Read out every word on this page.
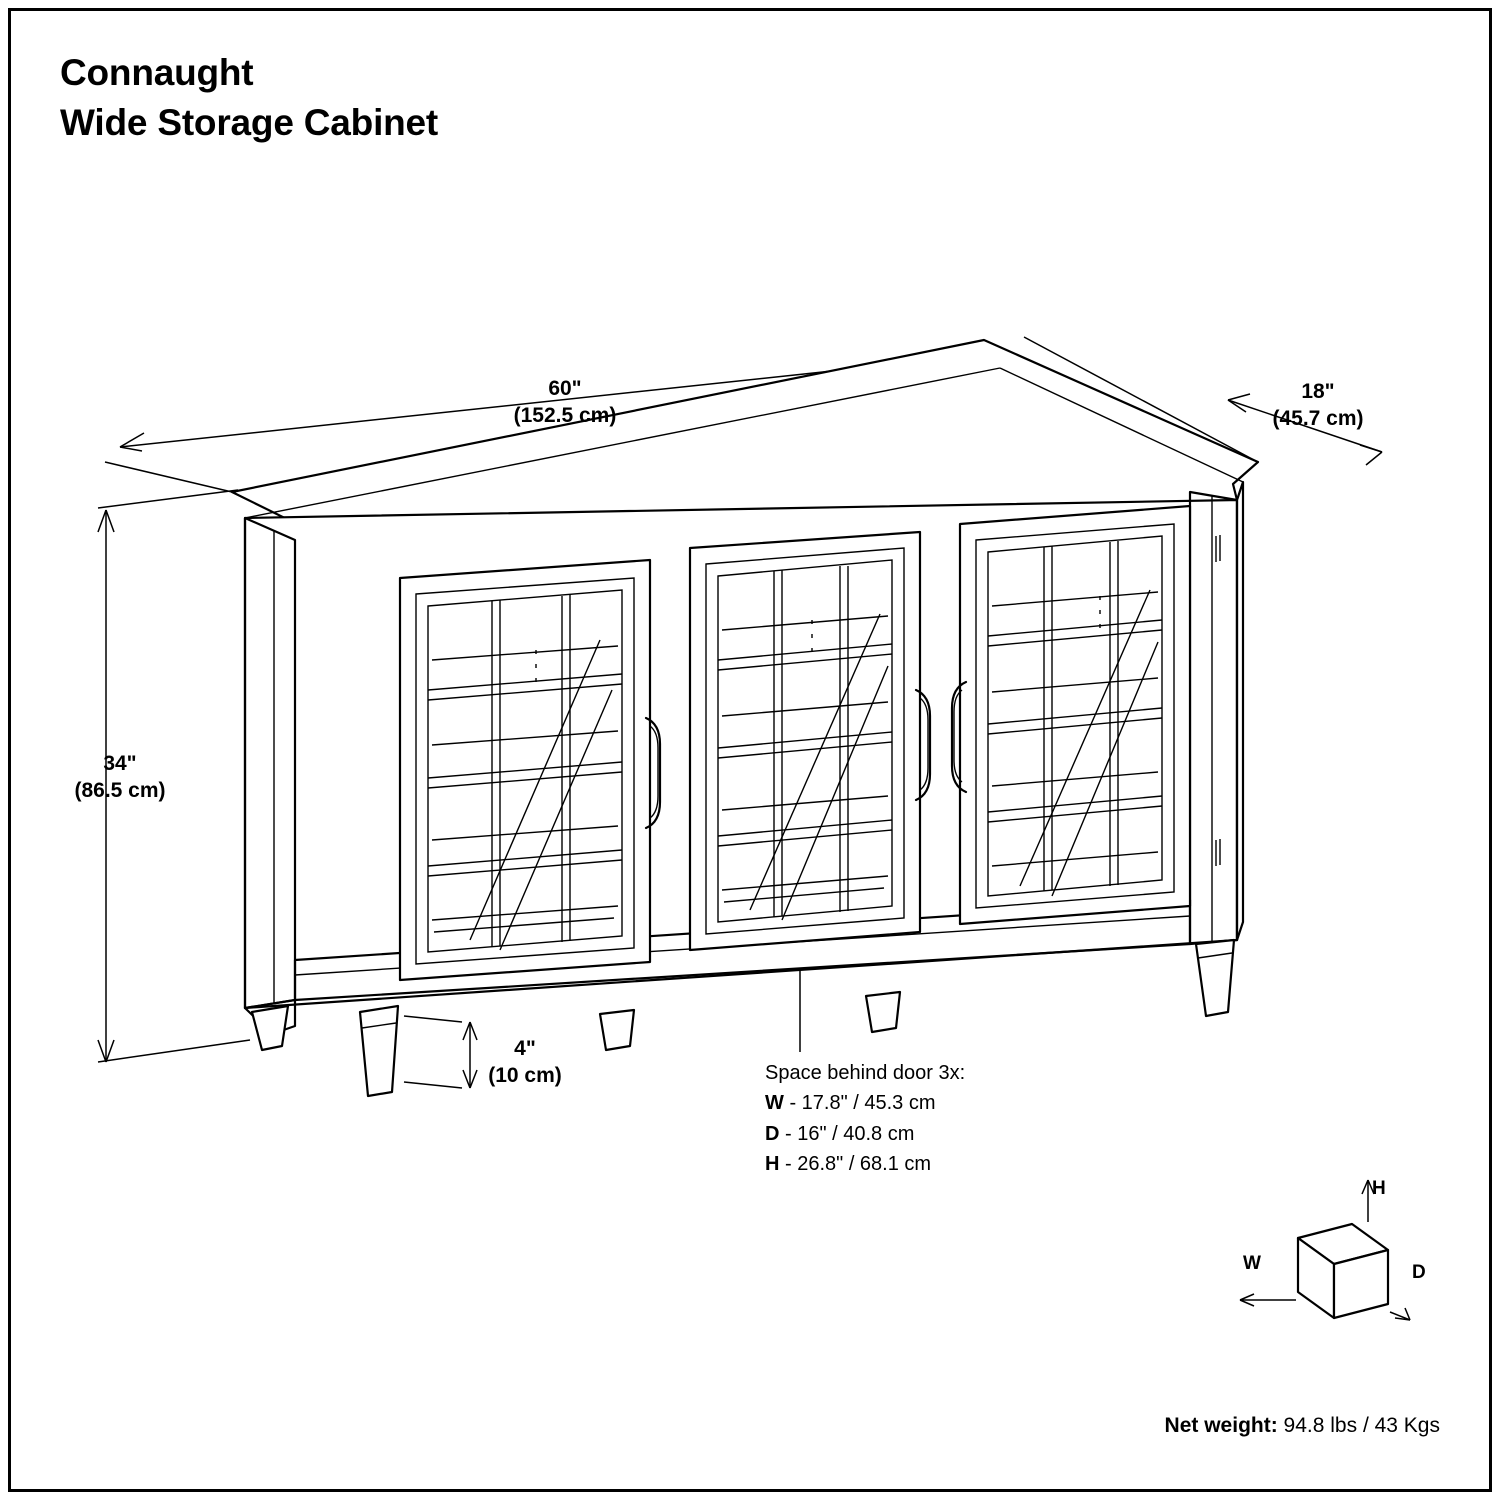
Connaught
Wide Storage Cabinet
60"
(152.5 cm)
18"
(45.7 cm)
34"
(86.5 cm)
4"
(10 cm)	Space behind door 3x:
W - 17.8" / 45.3 cm
D - 16" / 40.8 cm
H - 26.8" / 68.1 cm
H
W	D
Net weight: 94.8 lbs / 43 Kgs
